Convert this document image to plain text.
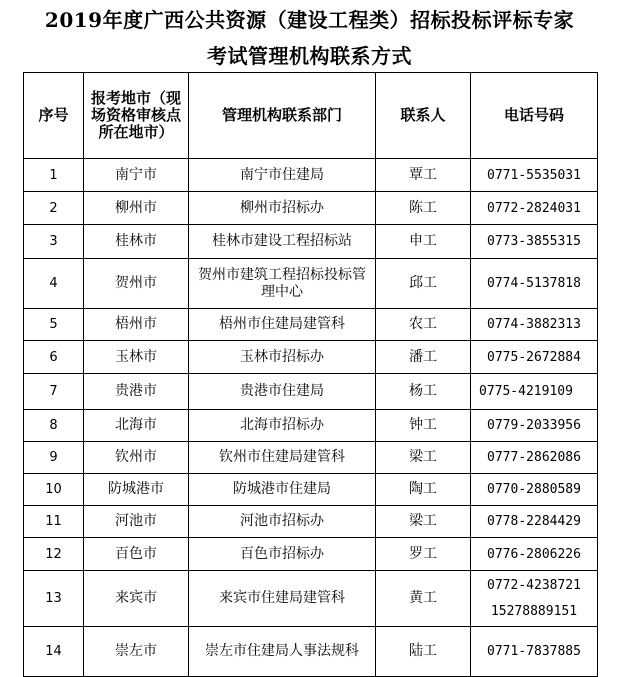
2019年度广西公共资源（建设工程类）招标投标评标专家
考试管理机构联系方式
序号	报考地市（现场资格审核点所在地市）	管理机构联系部门	联系人	电话号码
1	南宁市	南宁市住建局	覃工	0771-5535031
2	柳州市	柳州市招标办	陈工	0772-2824031
3	桂林市	桂林市建设工程招标站	申工	0773-3855315
4	贺州市	贺州市建筑工程招标投标管理中心	邱工	0774-5137818
5	梧州市	梧州市住建局建管科	农工	0774-3882313
6	玉林市	玉林市招标办	潘工	0775-2672884
7	贵港市	贵港市住建局	杨工	0775-4219109
8	北海市	北海市招标办	钟工	0779-2033956
9	钦州市	钦州市住建局建管科	梁工	0777-2862086
10	防城港市	防城港市住建局	陶工	0770-2880589
11	河池市	河池市招标办	梁工	0778-2284429
12	百色市	百色市招标办	罗工	0776-2806226
13	来宾市	来宾市住建局建管科	黄工	0772-4238721
15278889151

14	崇左市	崇左市住建局人事法规科	陆工	0771-7837885
